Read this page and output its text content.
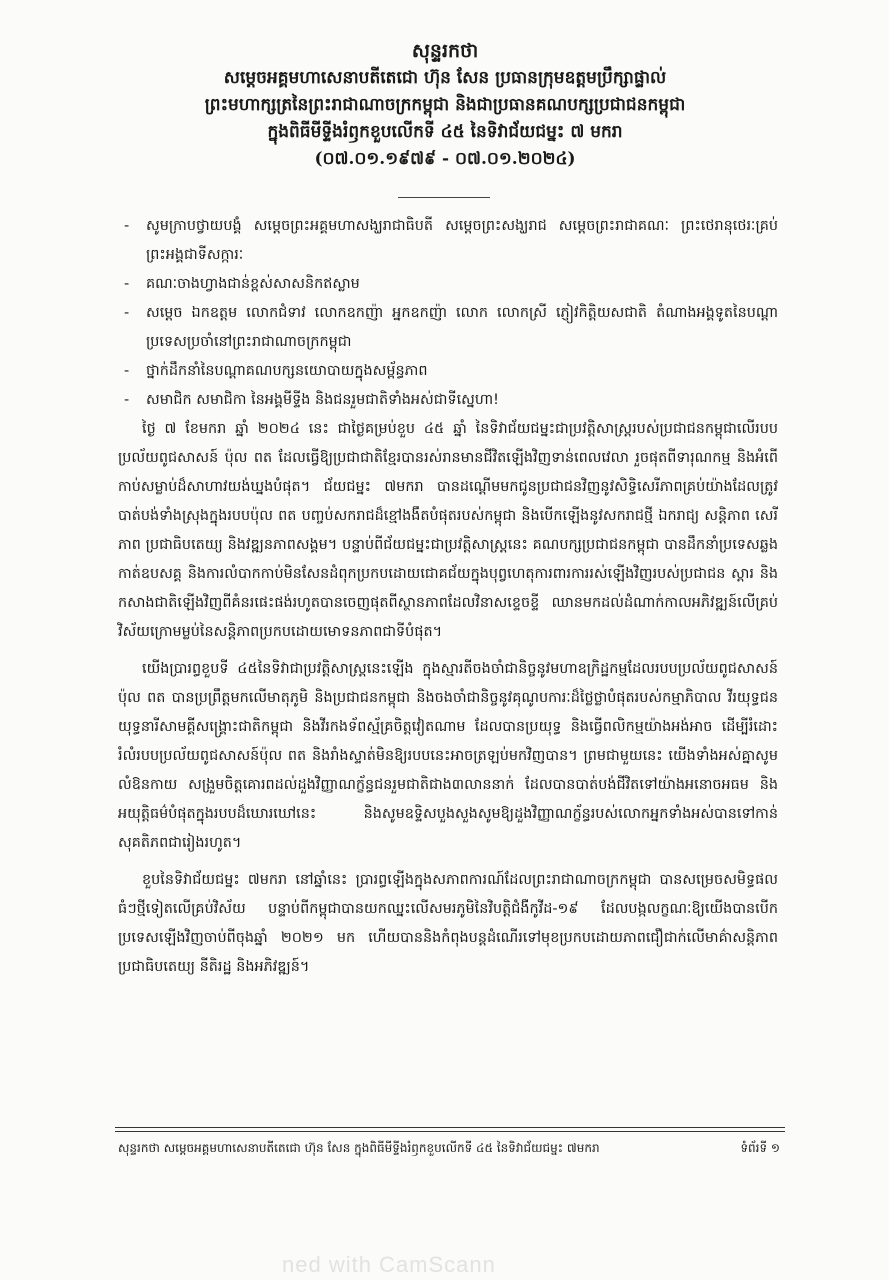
សុន្ទរកថា

សម្ដេចអគ្គមហាសេនាបតីតេជោ ហ៊ុន សែន ប្រធានក្រុមឧត្ដមប្រឹក្សាផ្ទាល់

ព្រះមហាក្សត្រនៃព្រះរាជាណាចក្រកម្ពុជា និងជាប្រធានគណបក្សប្រជាជនកម្ពុជា

ក្នុងពិធីមីទ្ទីងរំឭកខួបលើកទី ៤៥ នៃទិវាជ័យជម្នះ ៧ មករា

(០៧.០១.១៩៧៩ - ០៧.០១.២០២៤)

- សូមក្រាបថ្វាយបង្គំ សម្ដេចព្រះអគ្គមហាសង្ឃរាជាធិបតី សម្ដេចព្រះសង្ឃរាជ សម្ដេចព្រះរាជាគណៈ ព្រះថេរានុថេរៈគ្រប់ព្រះអង្គជាទីសក្ការៈ
- គណៈចាងហ្វាងជាន់ខ្ពស់សាសនិកឥស្លាម
- សម្ដេច ឯកឧត្ដម លោកជំទាវ លោកឧកញ៉ា អ្នកឧកញ៉ា លោក លោកស្រី ភ្ញៀវកិត្តិយសជាតិ តំណាងអង្គទូតនៃបណ្ដាប្រទេសប្រចាំនៅព្រះរាជាណាចក្រកម្ពុជា
- ថ្នាក់ដឹកនាំនៃបណ្ដាគណបក្សនយោបាយក្នុងសម្ព័ន្ធភាព
- សមាជិក សមាជិកា នៃអង្គមីទ្ទីង និងជនរួមជាតិទាំងអស់ជាទីស្នេហា!

ថ្ងៃ ៧ ខែមករា ឆ្នាំ ២០២៤ នេះ ជាថ្ងៃគម្រប់ខួប ៤៥ ឆ្នាំ នៃទិវាជ័យជម្នះជាប្រវត្តិសាស្ត្ររបស់ប្រជាជនកម្ពុជាលើរបបប្រល័យពូជសាសន៍ ប៉ុល ពត ដែលធ្វើឱ្យប្រជាជាតិខ្មែរបានរស់រានមានជីវិតឡើងវិញទាន់ពេលវេលា រួចផុតពីទារុណកម្ម និងអំពើកាប់សម្លាប់ដ៏សាហាវយង់ឃ្នងបំផុត។ ជ័យជម្នះ ៧មករា បានដណ្ដើមមកជូនប្រជាជនវិញនូវសិទ្ធិសេរីភាពគ្រប់យ៉ាងដែលត្រូវបាត់បង់ទាំងស្រុងក្នុងរបបប៉ុល ពត បញ្ចប់សករាជដ៏ខ្មៅងងឹតបំផុតរបស់កម្ពុជា និងបើកឡើងនូវសករាជថ្មី ឯករាជ្យ សន្តិភាព សេរីភាព ប្រជាធិបតេយ្យ និងវឌ្ឍនភាពសង្គម។ បន្ទាប់ពីជ័យជម្នះជាប្រវត្តិសាស្ត្រនេះ គណបក្សប្រជាជនកម្ពុជា បានដឹកនាំប្រទេសឆ្លងកាត់ឧបសគ្គ និងការលំបាកកាប់មិនសែនដំពុកប្រកបដោយជោគជ័យក្នុងបុព្វហេតុការពារការរស់ឡើងវិញរបស់ប្រជាជន ស្ដារ និងកសាងជាតិឡើងវិញពីគំនរផេះផង់រហូតបានចេញផុតពីស្ថានភាពដែលវិនាសខ្ទេចខ្ទី ឈានមកដល់ដំណាក់កាលអភិវឌ្ឍន៍លើគ្រប់វិស័យក្រោមម្លប់នៃសន្តិភាពប្រកបដោយមោទនភាពជាទីបំផុត។

យើងប្រារព្ធខួបទី ៤៥នៃទិវាជាប្រវត្តិសាស្ត្រនេះឡើង ក្នុងស្មារតីចងចាំជានិច្ចនូវមហាឧក្រិដ្ឋកម្មដែលរបបប្រល័យពូជសាសន៍ប៉ុល ពត បានប្រព្រឹត្តមកលើមាតុភូមិ និងប្រជាជនកម្ពុជា និងចងចាំជានិច្ចនូវគុណូបការៈដ៏ថ្លៃថ្លាបំផុតរបស់កម្មាភិបាល វីរយុទ្ធជន យុទ្ធនារីសាមគ្គីសង្គ្រោះជាតិកម្ពុជា និងវីរកងទ័ពស្ម័គ្រចិត្តវៀតណាម ដែលបានប្រយុទ្ធ និងធ្វើពលិកម្មយ៉ាងអង់អាច ដើម្បីរំដោះរំលំរបបប្រល័យពូជសាសន៍ប៉ុល ពត និងរាំងស្ទាត់មិនឱ្យរបបនេះអាចត្រឡប់មកវិញបាន។ ព្រមជាមួយនេះ យើងទាំងអស់គ្នាសូមលំឱនកាយ សង្រួមចិត្តគោរពដល់ដួងវិញ្ញាណក្ខ័ន្ធជនរួមជាតិជាង៣លាននាក់ ដែលបានបាត់បង់ជីវិតទៅយ៉ាងអនោចអធម និងអយុត្តិធម៌បំផុតក្នុងរបបដ៏ឃោរឃៅនេះ និងសូមឧទ្ទិសបួងសួងសូមឱ្យដួងវិញ្ញាណក្ខ័ន្ធរបស់លោកអ្នកទាំងអស់បានទៅកាន់សុគតិភពជារៀងរហូត។

ខួបនៃទិវាជ័យជម្នះ ៧មករា នៅឆ្នាំនេះ ប្រារព្ធឡើងក្នុងសភាពការណ៍ដែលព្រះរាជាណាចក្រកម្ពុជា បានសម្រេចសមិទ្ធផលធំៗថ្មីទៀតលើគ្រប់វិស័យ បន្ទាប់ពីកម្ពុជាបានយកឈ្នះលើសមរភូមិនៃវិបត្តិជំងឺកូវីដ-១៩ ដែលបង្កលក្ខណៈឱ្យយើងបានបើកប្រទេសឡើងវិញចាប់ពីចុងឆ្នាំ ២០២១ មក ហើយបាននិងកំពុងបន្តដំណើរទៅមុខប្រកបដោយភាពជឿជាក់លើមាគ៌ាសន្តិភាព ប្រជាធិបតេយ្យ នីតិរដ្ឋ និងអភិវឌ្ឍន៍។

សុន្ទរកថា សម្ដេចអគ្គមហាសេនាបតីតេជោ ហ៊ុន សែន ក្នុងពិធីមីទ្ទីងរំឭកខួបលើកទី ៤៥ នៃទិវាជ័យជម្នះ ៧មករា	ទំព័រទី ១
ned with CamScann
